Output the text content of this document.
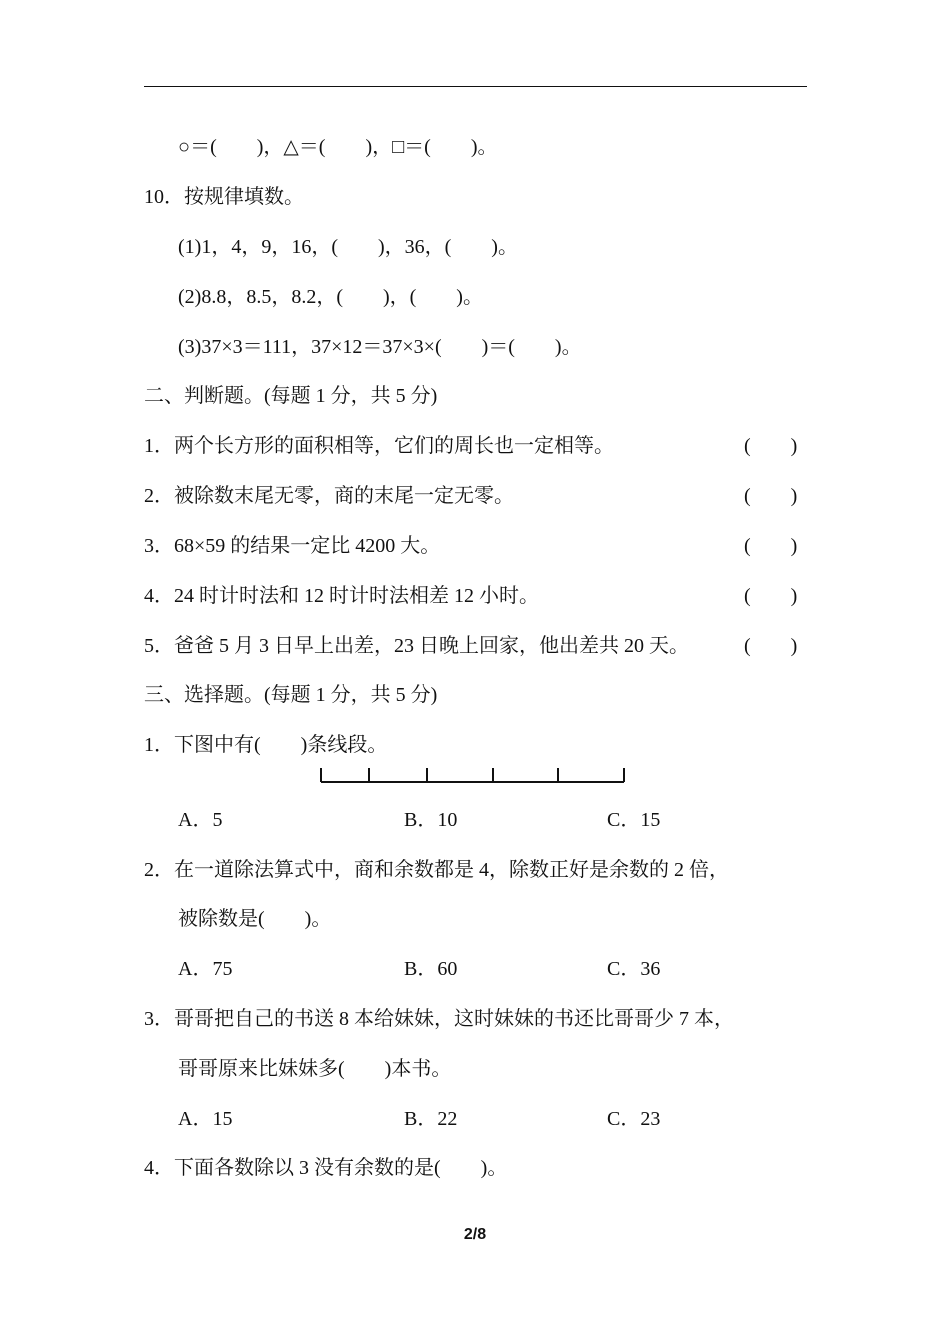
○＝(　　)，△＝(　　)，□＝(　　)。
10．按规律填数。
(1)1，4，9，16，(　　)，36，(　　)。
(2)8.8，8.5，8.2，(　　)，(　　)。
(3)37×3＝111，37×12＝37×3×(　　)＝(　　)。
二、判断题。(每题 1 分，共 5 分)
1．两个长方形的面积相等，它们的周长也一定相等。	(　　)
2．被除数末尾无零，商的末尾一定无零。	(　　)
3．68×59 的结果一定比 4200 大。	(　　)
4．24 时计时法和 12 时计时法相差 12 小时。	(　　)
5．爸爸 5 月 3 日早上出差，23 日晚上回家，他出差共 20 天。	(　　)
三、选择题。(每题 1 分，共 5 分)
1．下图中有(　　)条线段。
A．5	B．10	C．15
2．在一道除法算式中，商和余数都是 4，除数正好是余数的 2 倍，
被除数是(　　)。
A．75	B．60	C．36
3．哥哥把自己的书送 8 本给妹妹，这时妹妹的书还比哥哥少 7 本，
哥哥原来比妹妹多(　　)本书。
A．15	B．22	C．23
4．下面各数除以 3 没有余数的是(　　)。
2/8
